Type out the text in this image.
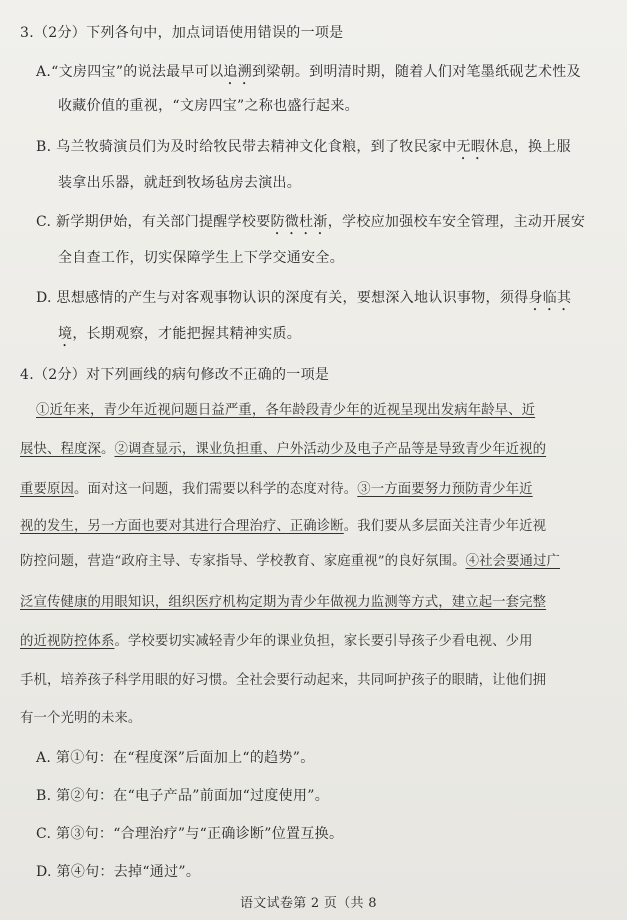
3.（2分）下列各句中，加点词语使用错误的一项是
A.“文房四宝”的说法最早可以追溯到梁朝。到明清时期，随着人们对笔墨纸砚艺术性及
收藏价值的重视，“文房四宝”之称也盛行起来。
B. 乌兰牧骑演员们为及时给牧民带去精神文化食粮，到了牧民家中无暇休息，换上服
装拿出乐器，就赶到牧场毡房去演出。
C. 新学期伊始，有关部门提醒学校要防微杜渐，学校应加强校车安全管理，主动开展安
全自查工作，切实保障学生上下学交通安全。
D. 思想感情的产生与对客观事物认识的深度有关，要想深入地认识事物，须得身临其
境，长期观察，才能把握其精神实质。
4.（2分）对下列画线的病句修改不正确的一项是
①近年来，青少年近视问题日益严重，各年龄段青少年的近视呈现出发病年龄早、近
展快、程度深。②调查显示，课业负担重、户外活动少及电子产品等是导致青少年近视的
重要原因。面对这一问题，我们需要以科学的态度对待。③一方面要努力预防青少年近
视的发生，另一方面也要对其进行合理治疗、正确诊断。我们要从多层面关注青少年近视
防控问题，营造“政府主导、专家指导、学校教育、家庭重视”的良好氛围。④社会要通过广
泛宣传健康的用眼知识，组织医疗机构定期为青少年做视力监测等方式，建立起一套完整
的近视防控体系。学校要切实减轻青少年的课业负担，家长要引导孩子少看电视、少用
手机，培养孩子科学用眼的好习惯。全社会要行动起来，共同呵护孩子的眼睛，让他们拥
有一个光明的未来。
A. 第①句：在“程度深”后面加上“的趋势”。
B. 第②句：在“电子产品”前面加“过度使用”。
C. 第③句：“合理治疗”与“正确诊断”位置互换。
D. 第④句：去掉“通过”。
语文试卷第 2 页（共 8
